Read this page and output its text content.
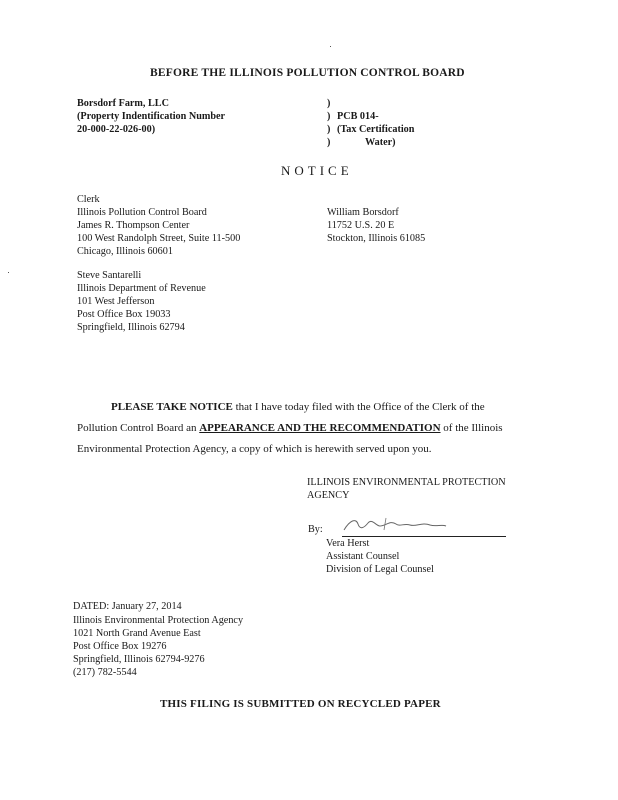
BEFORE THE ILLINOIS POLLUTION CONTROL BOARD
Borsdorf Farm, LLC
(Property Indentification Number
20-000-22-026-00)
)
)
)
)
PCB 014-
(Tax Certification
Water)
NOTICE
Clerk
Illinois Pollution Control Board
James R. Thompson Center
100 West Randolph Street, Suite 11-500
Chicago, Illinois 60601
William Borsdorf
11752 U.S. 20 E
Stockton, Illinois 61085
Steve Santarelli
Illinois Department of Revenue
101 West Jefferson
Post Office Box 19033
Springfield, Illinois 62794
PLEASE TAKE NOTICE that I have today filed with the Office of the Clerk of the
Pollution Control Board an APPEARANCE AND THE RECOMMENDATION of the Illinois
Environmental Protection Agency, a copy of which is herewith served upon you.
ILLINOIS ENVIRONMENTAL PROTECTION
AGENCY
By:
Vera Herst
Assistant Counsel
Division of Legal Counsel
DATED: January 27, 2014
Illinois Environmental Protection Agency
1021 North Grand Avenue East
Post Office Box 19276
Springfield, Illinois 62794-9276
(217) 782-5544
THIS FILING IS SUBMITTED ON RECYCLED PAPER
